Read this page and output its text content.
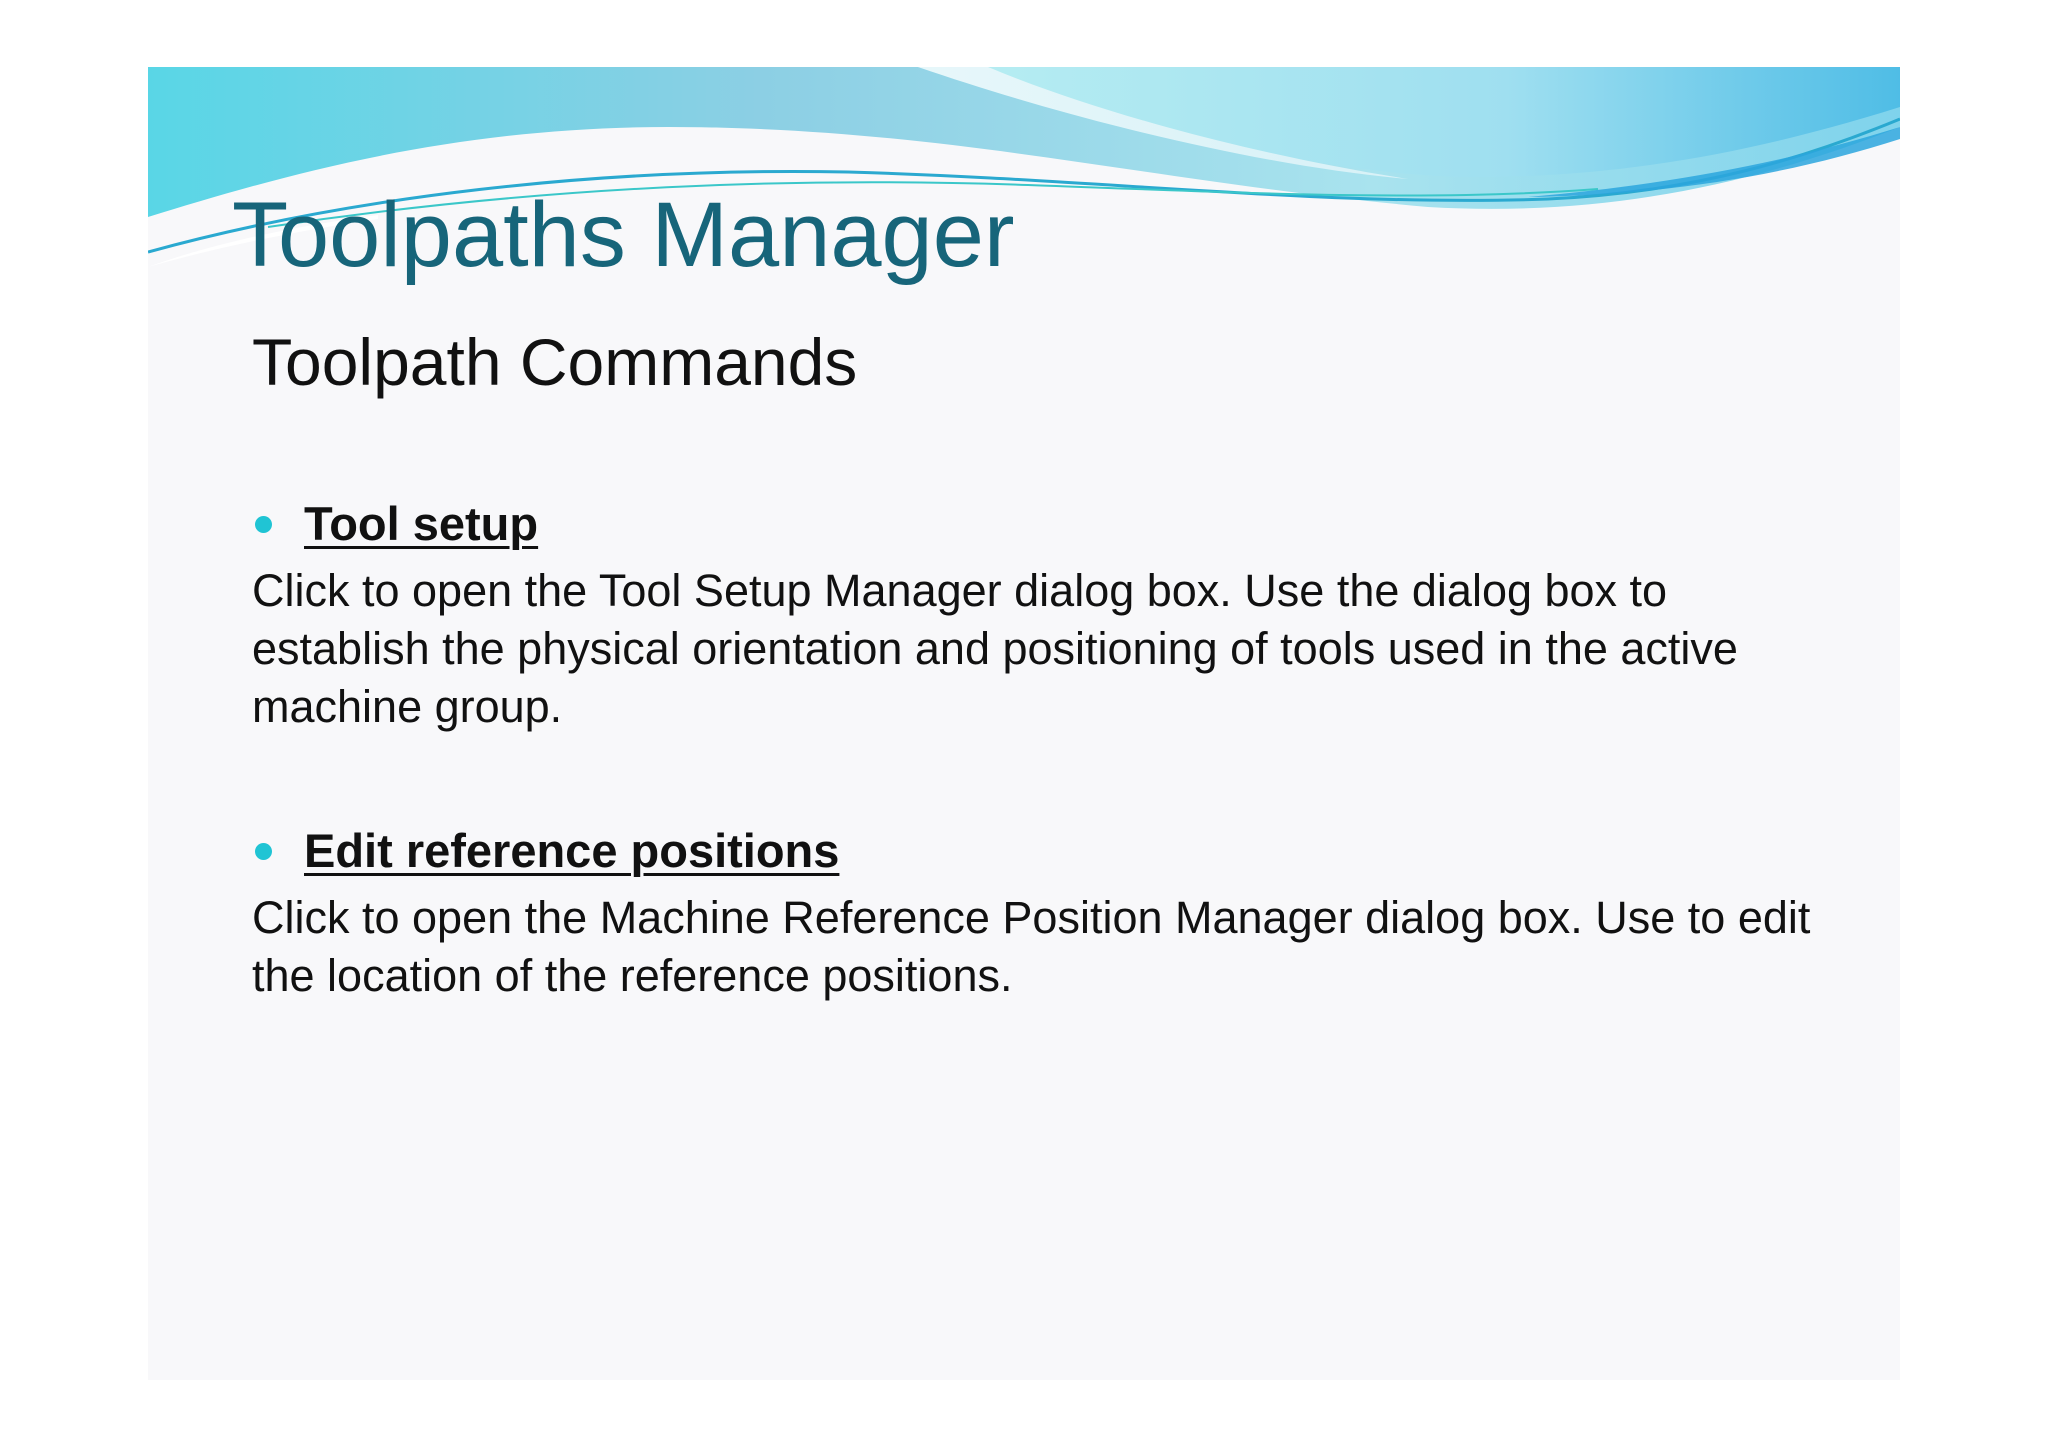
Toolpaths Manager
Toolpath Commands
Tool setup

Click to open the Tool Setup Manager dialog box. Use the dialog box to establish the physical orientation and positioning of tools used in the active machine group.

Edit reference positions

Click to open the Machine Reference Position Manager dialog box. Use to edit the location of the reference positions.
